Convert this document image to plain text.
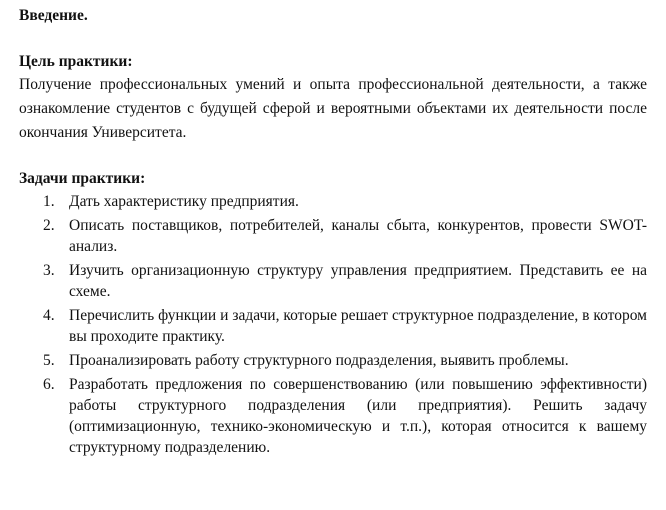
Введение.
Цель практики:
Получение профессиональных умений и опыта профессиональной деятельности, а также ознакомление студентов с будущей сферой и вероятными объектами их деятельности после окончания Университета.
Задачи практики:
1. Дать характеристику предприятия.
2. Описать поставщиков, потребителей, каналы сбыта, конкурентов, провести SWOT- анализ.
3. Изучить организационную структуру управления предприятием. Представить ее на схеме.
4. Перечислить функции и задачи, которые решает структурное подразделение, в котором вы проходите практику.
5. Проанализировать работу структурного подразделения, выявить проблемы.
6. Разработать предложения по совершенствованию (или повышению эффективности) работы структурного подразделения (или предприятия). Решить задачу (оптимизационную, технико-экономическую и т.п.), которая относится к вашему структурному подразделению.
